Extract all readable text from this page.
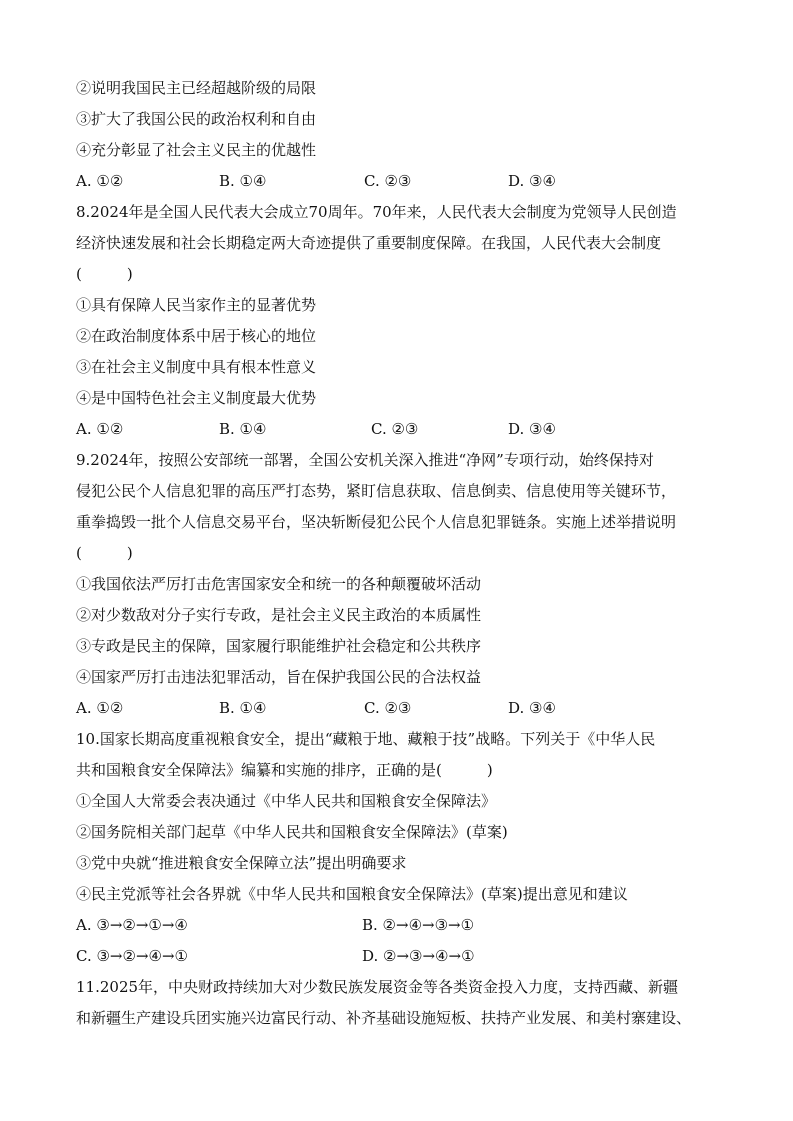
②说明我国民主已经超越阶级的局限
③扩大了我国公民的政治权利和自由
④充分彰显了社会主义民主的优越性
A. ①②	B. ①④	C. ②③	D. ③④
8.2024年是全国人民代表大会成立70周年。70年来，人民代表大会制度为党领导人民创造
经济快速发展和社会长期稳定两大奇迹提供了重要制度保障。在我国，人民代表大会制度
(　　　)
①具有保障人民当家作主的显著优势
②在政治制度体系中居于核心的地位
③在社会主义制度中具有根本性意义
④是中国特色社会主义制度最大优势
A. ①②	B. ①④	C. ②③	D. ③④
9.2024年，按照公安部统一部署，全国公安机关深入推进“净网”专项行动，始终保持对
侵犯公民个人信息犯罪的高压严打态势，紧盯信息获取、信息倒卖、信息使用等关键环节，
重拳捣毁一批个人信息交易平台，坚决斩断侵犯公民个人信息犯罪链条。实施上述举措说明
(　　　)
①我国依法严厉打击危害国家安全和统一的各种颠覆破坏活动
②对少数敌对分子实行专政，是社会主义民主政治的本质属性
③专政是民主的保障，国家履行职能维护社会稳定和公共秩序
④国家严厉打击违法犯罪活动，旨在保护我国公民的合法权益
A. ①②	B. ①④	C. ②③	D. ③④
10.国家长期高度重视粮食安全，提出“藏粮于地、藏粮于技”战略。下列关于《中华人民
共和国粮食安全保障法》编纂和实施的排序，正确的是(　　　)
①全国人大常委会表决通过《中华人民共和国粮食安全保障法》
②国务院相关部门起草《中华人民共和国粮食安全保障法》(草案)
③党中央就“推进粮食安全保障立法”提出明确要求
④民主党派等社会各界就《中华人民共和国粮食安全保障法》(草案)提出意见和建议
A. ③→②→①→④	B. ②→④→③→①
C. ③→②→④→①	D. ②→③→④→①
11.2025年，中央财政持续加大对少数民族发展资金等各类资金投入力度，支持西藏、新疆
和新疆生产建设兵团实施兴边富民行动、补齐基础设施短板、扶持产业发展、和美村寨建设、
